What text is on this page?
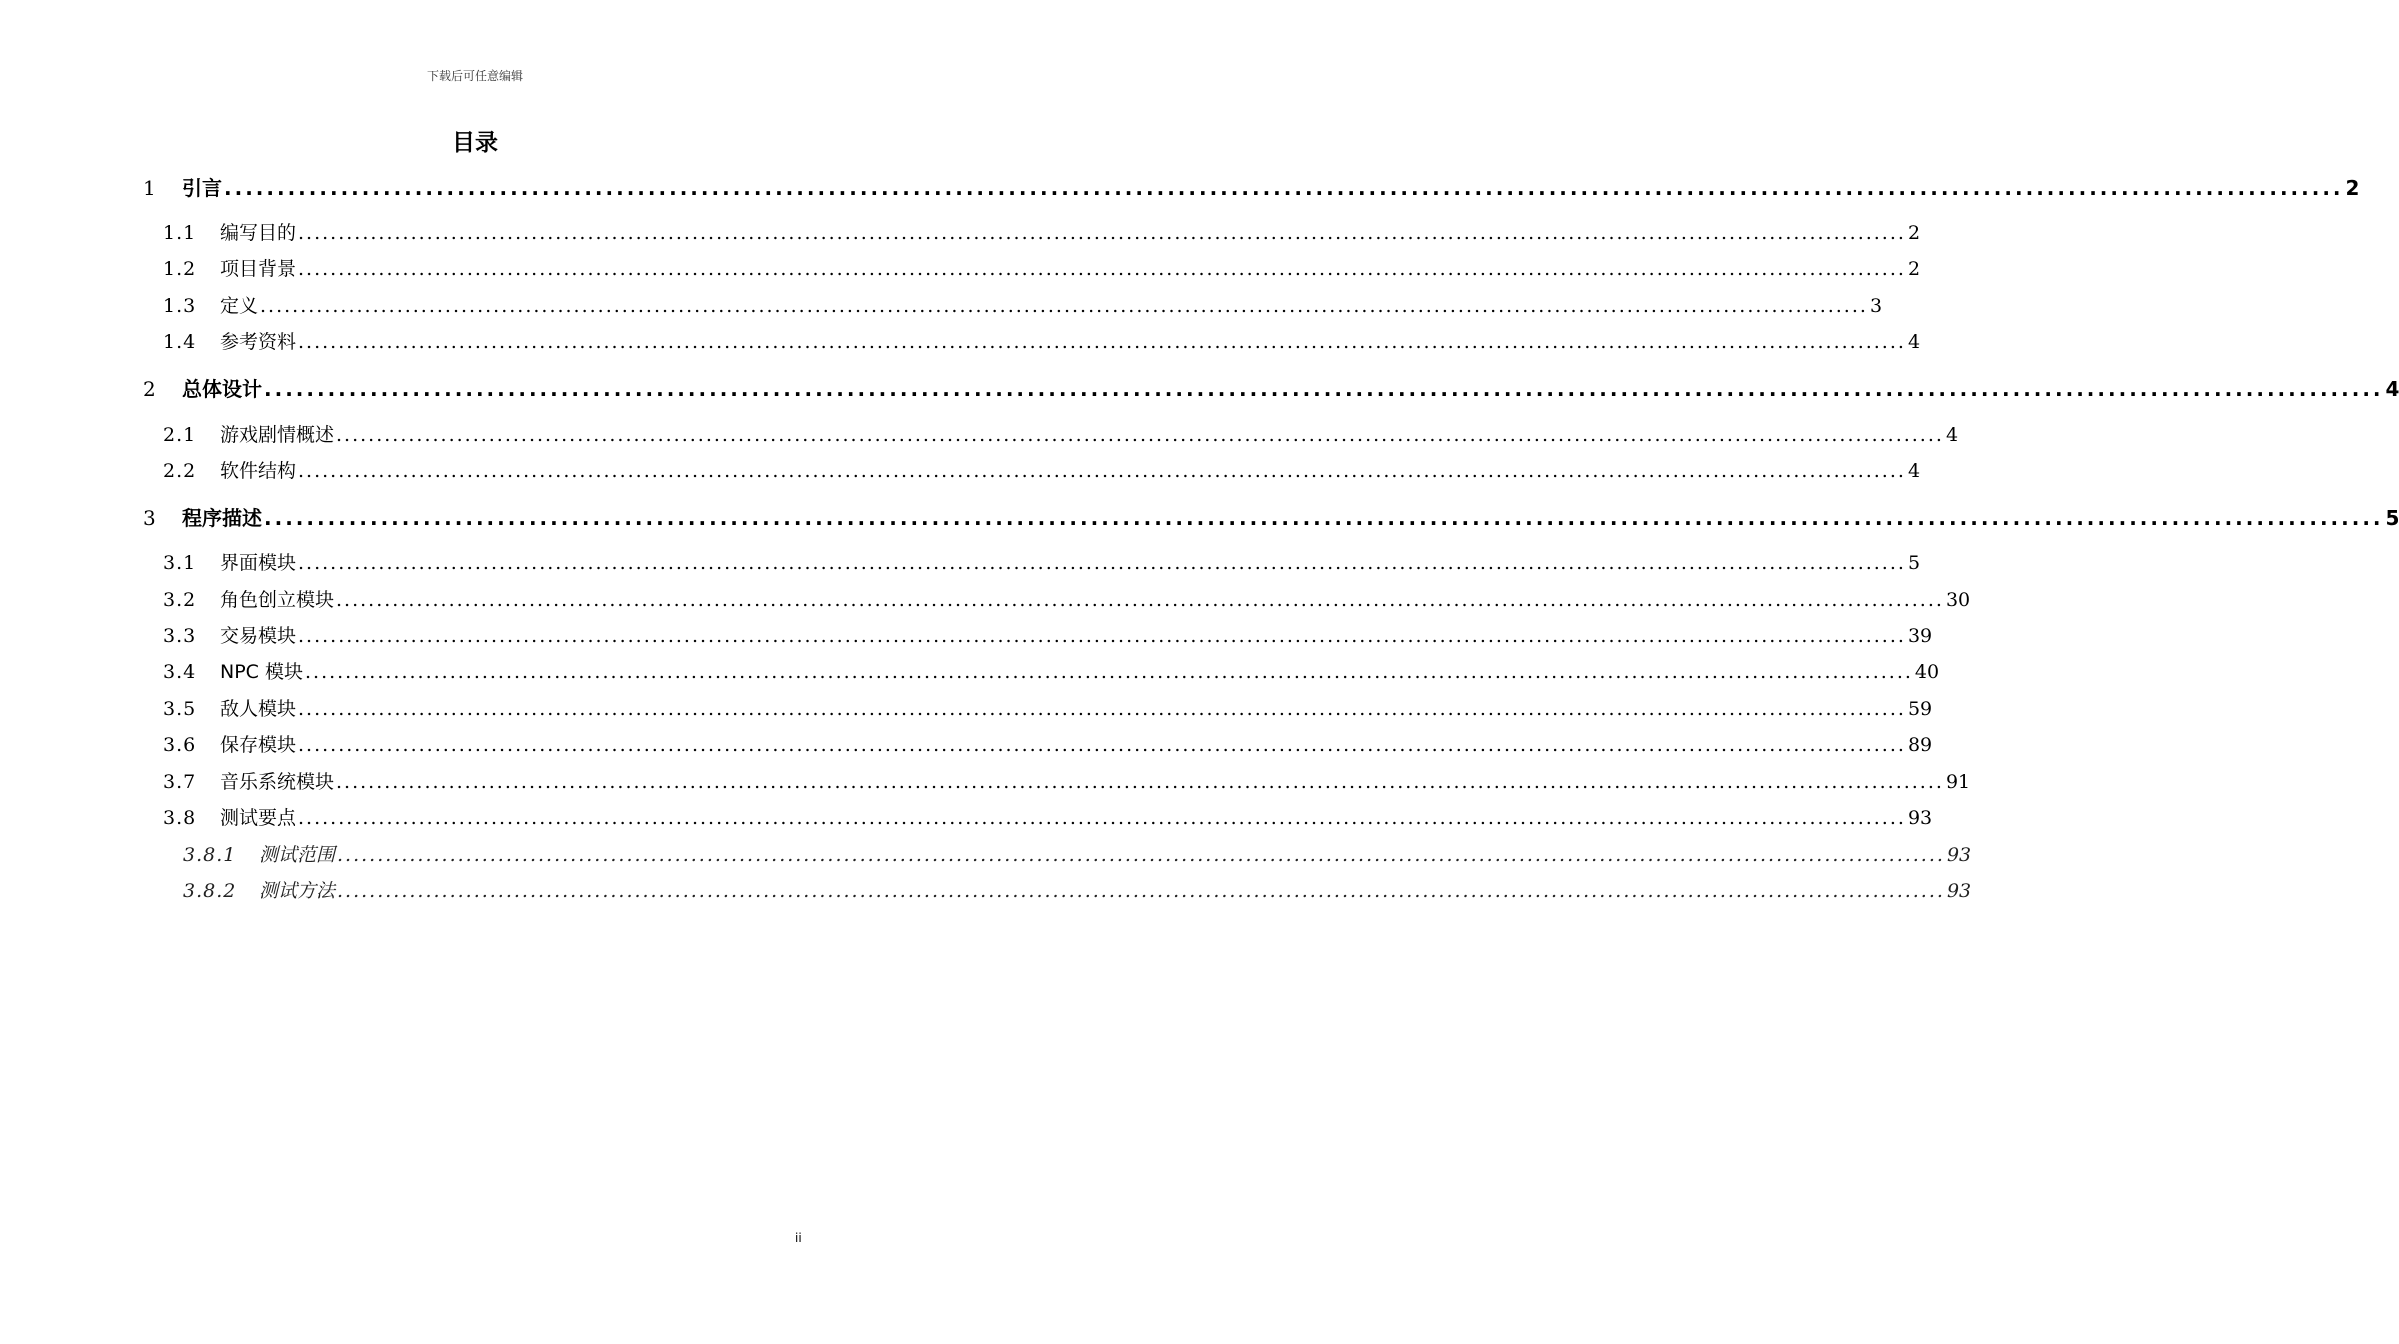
下载后可任意编辑
目录
1	引言 ........................................................................................................................................................................................................ 2
1.1	编写目的 ........................................................................................................................................................................................................ 2
1.2	项目背景 ........................................................................................................................................................................................................ 2
1.3	定义 ........................................................................................................................................................................................................ 3
1.4	参考资料 ........................................................................................................................................................................................................ 4
2	总体设计 ........................................................................................................................................................................................................ 4
2.1	游戏剧情概述 ........................................................................................................................................................................................................ 4
2.2	软件结构 ........................................................................................................................................................................................................ 4
3	程序描述 ........................................................................................................................................................................................................ 5
3.1	界面模块 ........................................................................................................................................................................................................ 5
3.2	角色创立模块 ........................................................................................................................................................................................................ 30
3.3	交易模块 ........................................................................................................................................................................................................ 39
3.4	NPC 模块 ........................................................................................................................................................................................................ 40
3.5	敌人模块 ........................................................................................................................................................................................................ 59
3.6	保存模块 ........................................................................................................................................................................................................ 89
3.7	音乐系统模块 ........................................................................................................................................................................................................ 91
3.8	测试要点 ........................................................................................................................................................................................................ 93
3.8.1	测试范围 ........................................................................................................................................................................................................ 93
3.8.2	测试方法 ........................................................................................................................................................................................................ 93
ii
